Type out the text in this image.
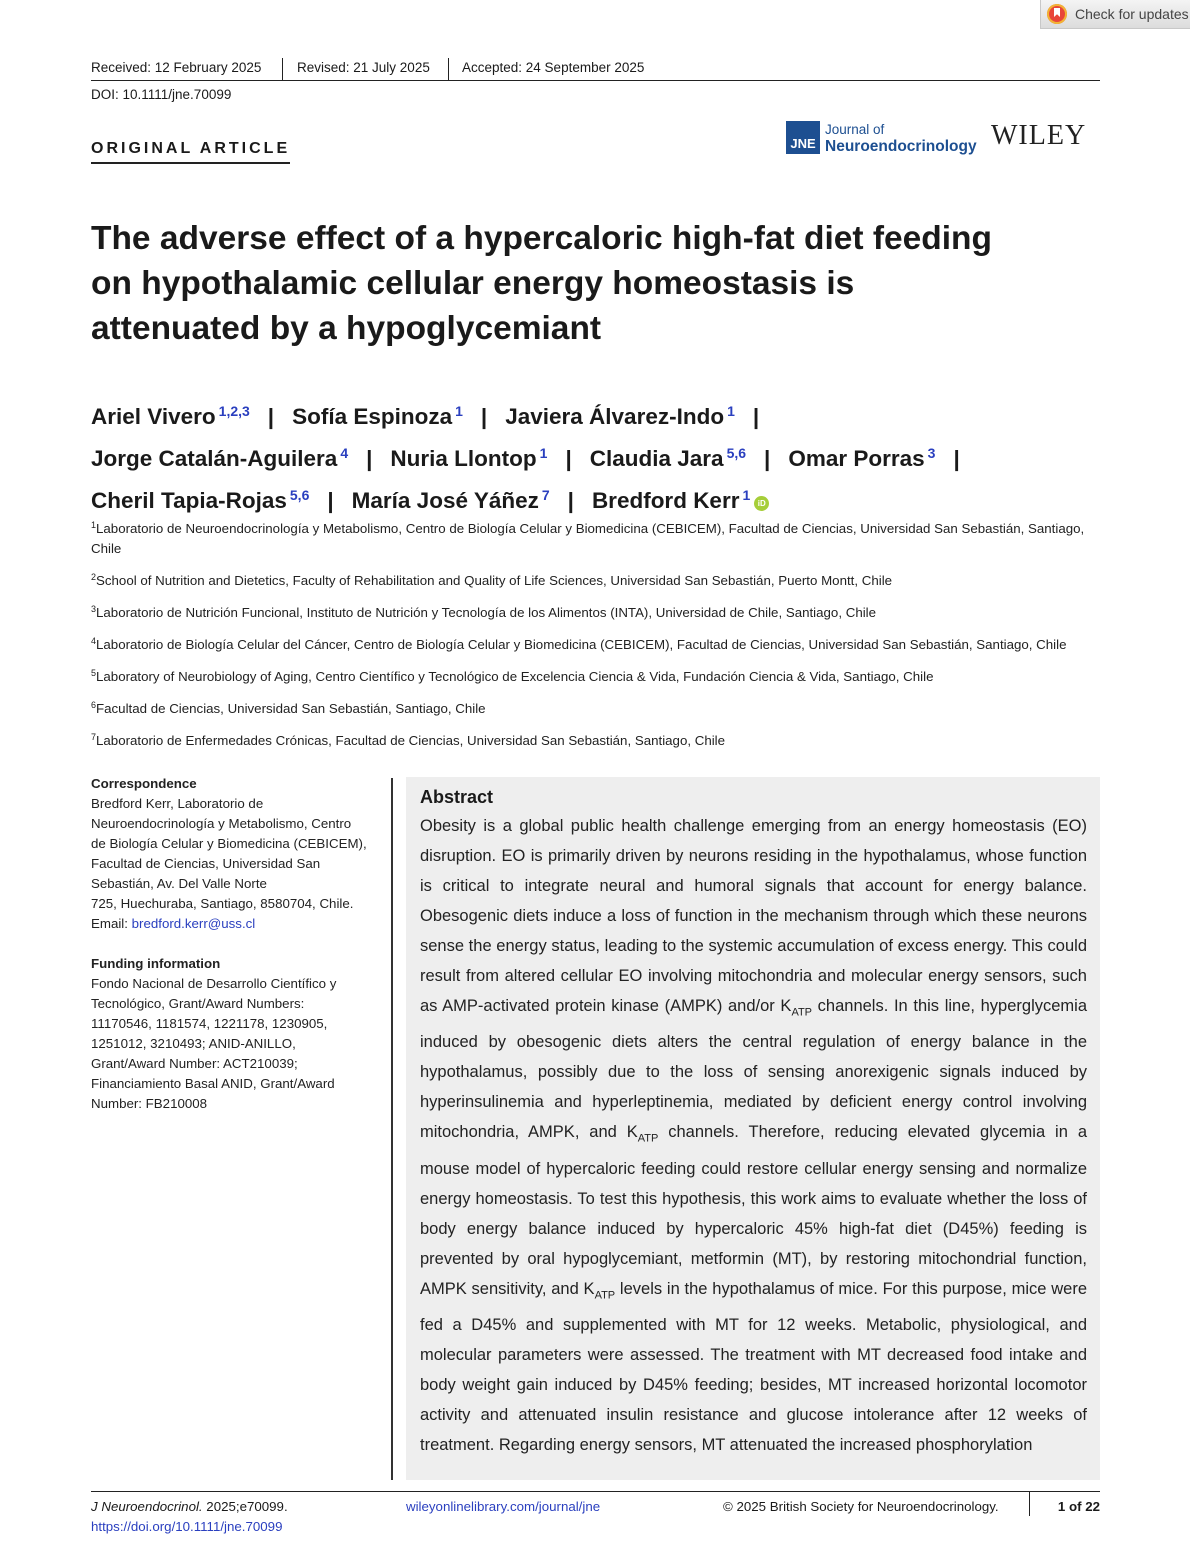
Check for updates
Received: 12 February 2025	Revised: 21 July 2025 Accepted: 24 September 2025
DOI: 10.1111/jne.70099
ORIGINAL ARTICLE	JNE
Journal of
Neuroendocrinology WILEY
The adverse effect of a hypercaloric high-fat diet feeding
on hypothalamic cellular energy homeostasis is
attenuated by a hypoglycemiant
Ariel Vivero $^{1,2,3}$ | Sofía Espinoza $^1$ | Javiera Álvarez-Indo $^1$ |
Jorge Catalán-Aguilera $^4$ | Nuria Llontop $^1$ | Claudia Jara $^{5,6}$ | Omar Porras $^3$ |
Cheril Tapia-Rojas $^{5,6}$ | María José Yáñez $^7$ | Bredford Kerr $^1$iD

$^1$Laboratorio de Neuroendocrinología y Metabolismo, Centro de Biología Celular y Biomedicina (CEBICEM), Facultad de Ciencias, Universidad San Sebastián, Santiago, Chile

$^2$School of Nutrition and Dietetics, Faculty of Rehabilitation and Quality of Life Sciences, Universidad San Sebastián, Puerto Montt, Chile

$^3$Laboratorio de Nutrición Funcional, Instituto de Nutrición y Tecnología de los Alimentos (INTA), Universidad de Chile, Santiago, Chile

$^4$Laboratorio de Biología Celular del Cáncer, Centro de Biología Celular y Biomedicina (CEBICEM), Facultad de Ciencias, Universidad San Sebastián, Santiago, Chile

$^5$Laboratory of Neurobiology of Aging, Centro Científico y Tecnológico de Excelencia Ciencia & Vida, Fundación Ciencia & Vida, Santiago, Chile

$^6$Facultad de Ciencias, Universidad San Sebastián, Santiago, Chile

$^7$Laboratorio de Enfermedades Crónicas, Facultad de Ciencias, Universidad San Sebastián, Santiago, Chile

Correspondence

Bredford Kerr, Laboratorio de
Neuroendocrinología y Metabolismo, Centro
de Biología Celular y Biomedicina (CEBICEM),
Facultad de Ciencias, Universidad San
Sebastián, Av. Del Valle Norte
725, Huechuraba, Santiago, 8580704, Chile.
Email: bredford.kerr@uss.cl

Funding information

Fondo Nacional de Desarrollo Científico y
Tecnológico, Grant/Award Numbers:
11170546, 1181574, 1221178, 1230905,
1251012, 3210493; ANID-ANILLO,
Grant/Award Number: ACT210039;
Financiamiento Basal ANID, Grant/Award
Number: FB210008

Abstract

Obesity is a global public health challenge emerging from an energy homeostasis (EO) disruption. EO is primarily driven by neurons residing in the hypothalamus, whose function is critical to integrate neural and humoral signals that account for energy balance. Obesogenic diets induce a loss of function in the mechanism through which these neurons sense the energy status, leading to the systemic accumulation of excess energy. This could result from altered cellular EO involving mitochondria and molecular energy sensors, such as AMP-activated protein kinase (AMPK) and/or $K_{ATP}$ channels. In this line, hyperglycemia induced by obesogenic diets alters the central regulation of energy balance in the hypothalamus, possibly due to the loss of sensing anorexigenic signals induced by hyperinsulinemia and hyperleptinemia, mediated by deficient energy control involving mitochondria, AMPK, and $K_{ATP}$ channels. Therefore, reducing elevated glycemia in a mouse model of hypercaloric feeding could restore cellular energy sensing and normalize energy homeostasis. To test this hypothesis, this work aims to evaluate whether the loss of body energy balance induced by hypercaloric 45% high-fat diet (D45%) feeding is prevented by oral hypoglycemiant, metformin (MT), by restoring mitochondrial function, AMPK sensitivity, and $K_{ATP}$ levels in the hypothalamus of mice. For this purpose, mice were fed a D45% and supplemented with MT for 12 weeks. Metabolic, physiological, and molecular parameters were assessed. The treatment with MT decreased food intake and body weight gain induced by D45% feeding; besides, MT increased horizontal locomotor activity and attenuated insulin resistance and glucose intolerance after 12 weeks of treatment. Regarding energy sensors, MT attenuated the increased phosphorylation

J Neuroendocrinol. 2025;e70099.
https://doi.org/10.1111/jne.70099
wileyonlinelibrary.com/journal/jne	© 2025 British Society for Neuroendocrinology.	1 of 22
